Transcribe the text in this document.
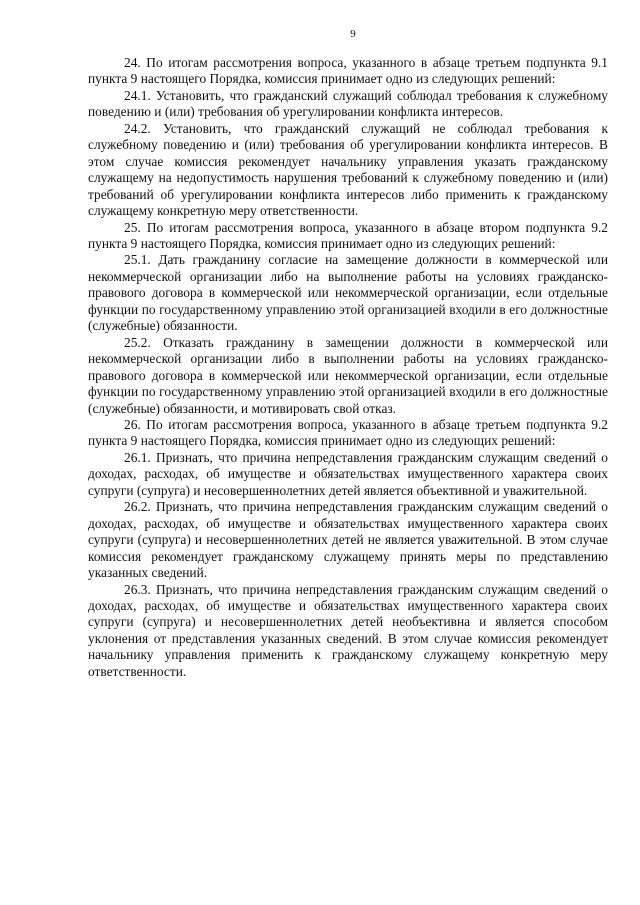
9

24. По итогам рассмотрения вопроса, указанного в абзаце третьем подпункта 9.1 пункта 9 настоящего Порядка, комиссия принимает одно из следующих решений:

24.1. Установить, что гражданский служащий соблюдал требования к служебному поведению и (или) требования об урегулировании конфликта интересов.

24.2. Установить, что гражданский служащий не соблюдал требования к служебному поведению и (или) требования об урегулировании конфликта интересов. В этом случае комиссия рекомендует начальнику управления указать гражданскому служащему на недопустимость нарушения требований к служебному поведению и (или) требований об урегулировании конфликта интересов либо применить к гражданскому служащему конкретную меру ответственности.

25. По итогам рассмотрения вопроса, указанного в абзаце втором подпункта 9.2 пункта 9 настоящего Порядка, комиссия принимает одно из следующих решений:

25.1. Дать гражданину согласие на замещение должности в коммерческой или некоммерческой организации либо на выполнение работы на условиях гражданско-правового договора в коммерческой или некоммерческой организации, если отдельные функции по государственному управлению этой организацией входили в его должностные (служебные) обязанности.

25.2. Отказать гражданину в замещении должности в коммерческой или некоммерческой организации либо в выполнении работы на условиях гражданско-правового договора в коммерческой или некоммерческой организации, если отдельные функции по государственному управлению этой организацией входили в его должностные (служебные) обязанности, и мотивировать свой отказ.

26. По итогам рассмотрения вопроса, указанного в абзаце третьем подпункта 9.2 пункта 9 настоящего Порядка, комиссия принимает одно из следующих решений:

26.1. Признать, что причина непредставления гражданским служащим сведений о доходах, расходах, об имуществе и обязательствах имущественного характера своих супруги (супруга) и несовершеннолетних детей является объективной и уважительной.

26.2. Признать, что причина непредставления гражданским служащим сведений о доходах, расходах, об имуществе и обязательствах имущественного характера своих супруги (супруга) и несовершеннолетних детей не является уважительной. В этом случае комиссия рекомендует гражданскому служащему принять меры по представлению указанных сведений.

26.3. Признать, что причина непредставления гражданским служащим сведений о доходах, расходах, об имуществе и обязательствах имущественного характера своих супруги (супруга) и несовершеннолетних детей необъективна и является способом уклонения от представления указанных сведений. В этом случае комиссия рекомендует начальнику управления применить к гражданскому служащему конкретную меру ответственности.
